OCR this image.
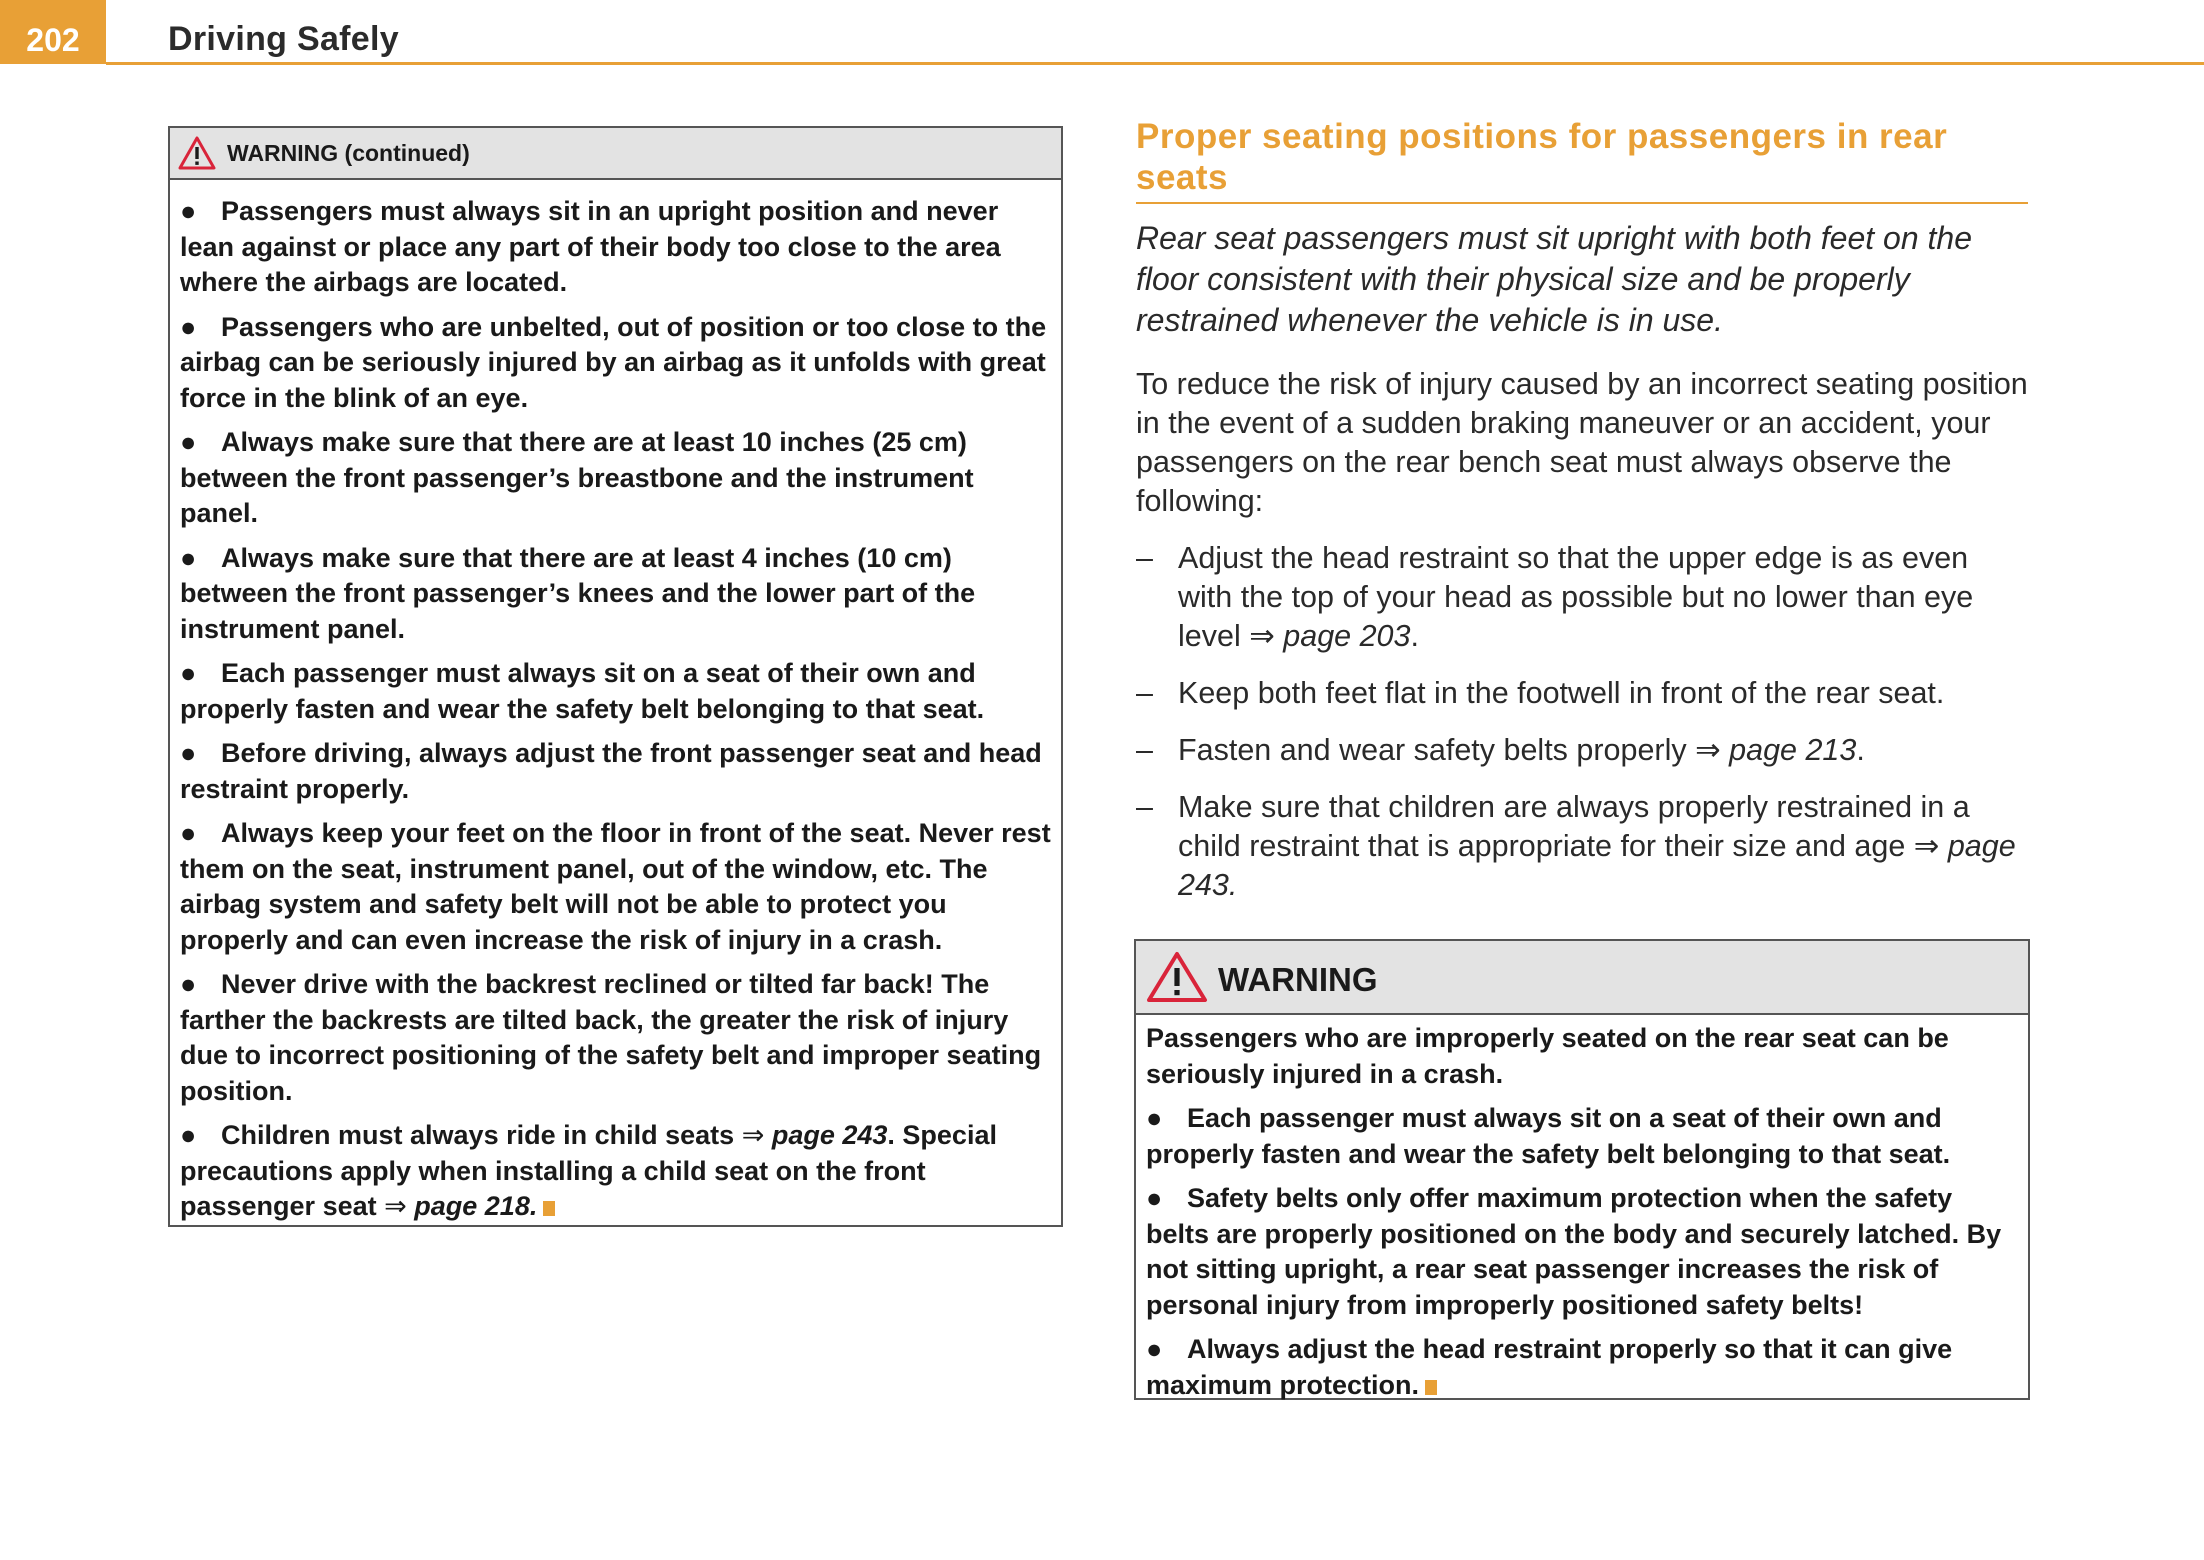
202	Driving Safely
WARNING (continued)

● Passengers must always sit in an upright position and never lean against or place any part of their body too close to the area where the airbags are located.

● Passengers who are unbelted, out of position or too close to the airbag can be seriously injured by an airbag as it unfolds with great force in the blink of an eye.

● Always make sure that there are at least 10 inches (25 cm) between the front passenger’s breastbone and the instrument panel.

● Always make sure that there are at least 4 inches (10 cm) between the front passenger’s knees and the lower part of the instrument panel.

● Each passenger must always sit on a seat of their own and properly fasten and wear the safety belt belonging to that seat.

● Before driving, always adjust the front passenger seat and head restraint properly.

● Always keep your feet on the floor in front of the seat. Never rest them on the seat, instrument panel, out of the window, etc. The airbag system and safety belt will not be able to protect you properly and can even increase the risk of injury in a crash.

● Never drive with the backrest reclined or tilted far back! The farther the backrests are tilted back, the greater the risk of injury due to incorrect positioning of the safety belt and improper seating position.

● Children must always ride in child seats ⇒ page 243. Special precautions apply when installing a child seat on the front passenger seat ⇒ page 218.

Proper seating positions for passengers in rear seats

Rear seat passengers must sit upright with both feet on the floor consistent with their physical size and be properly restrained whenever the vehicle is in use.

To reduce the risk of injury caused by an incorrect seating position in the event of a sudden braking maneuver or an accident, your passengers on the rear bench seat must always observe the following:

– Adjust the head restraint so that the upper edge is as even with the top of your head as possible but no lower than eye level ⇒ page 203.
– Keep both feet flat in the footwell in front of the rear seat.
– Fasten and wear safety belts properly ⇒ page 213.
– Make sure that children are always properly restrained in a child restraint that is appropriate for their size and age ⇒ page 243.
WARNING

Passengers who are improperly seated on the rear seat can be seriously injured in a crash.

● Each passenger must always sit on a seat of their own and properly fasten and wear the safety belt belonging to that seat.

● Safety belts only offer maximum protection when the safety belts are properly positioned on the body and securely latched. By not sitting upright, a rear seat passenger increases the risk of personal injury from improperly positioned safety belts!

● Always adjust the head restraint properly so that it can give maximum protection.
